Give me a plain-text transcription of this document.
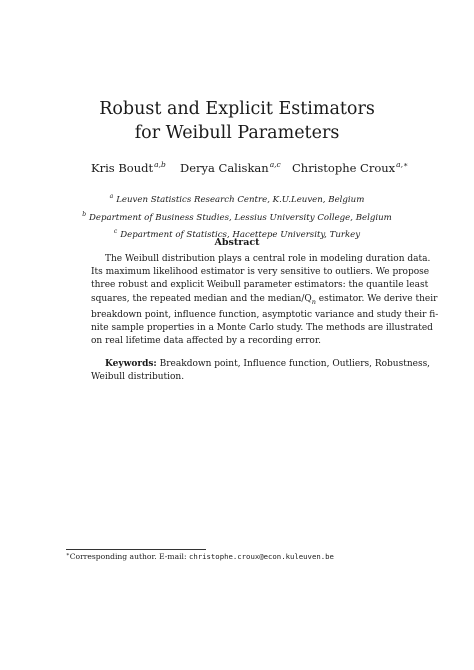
Robust and Explicit Estimators
for Weibull Parameters
Kris Boudt$^{a,b}$ Derya Caliskan$^{a,c}$ Christophe Croux$^{a,∗}$
$^a$ Leuven Statistics Research Centre, K.U.Leuven, Belgium
$^b$ Department of Business Studies, Lessius University College, Belgium
$^c$ Department of Statistics, Hacettepe University, Turkey
Abstract
The Weibull distribution plays a central role in modeling duration data.
Its maximum likelihood estimator is very sensitive to outliers. We propose
three robust and explicit Weibull parameter estimators: the quantile least
squares, the repeated median and the median/$Q_n$ estimator. We derive their
breakdown point, influence function, asymptotic variance and study their fi-
nite sample properties in a Monte Carlo study. The methods are illustrated
on real lifetime data affected by a recording error.
Keywords: Breakdown point, Influence function, Outliers, Robustness,
Weibull distribution.
∗Corresponding author. E-mail: christophe.croux@econ.kuleuven.be
